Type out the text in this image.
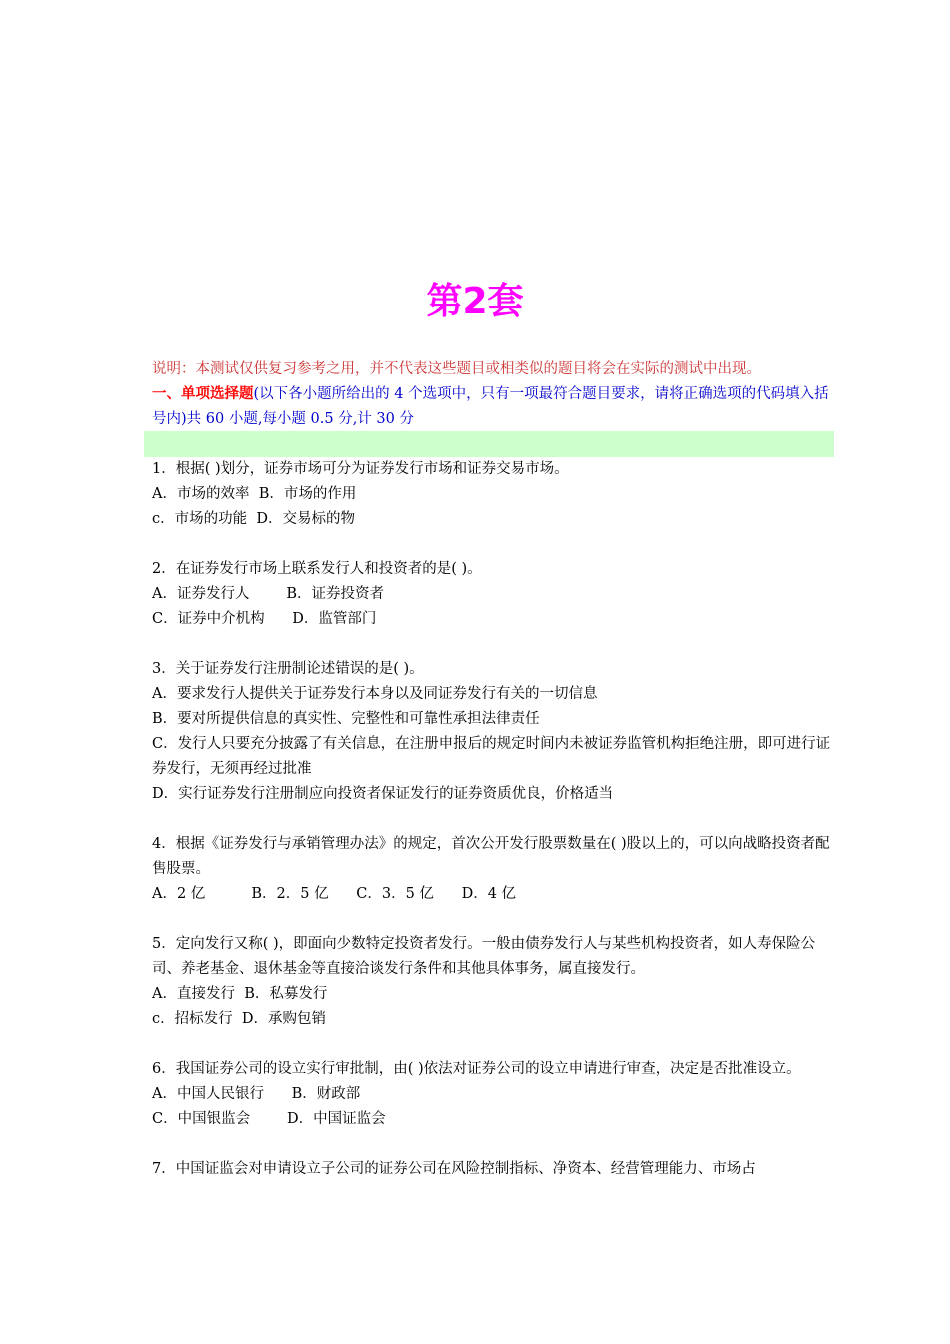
第2套
说明：本测试仅供复习参考之用，并不代表这些题目或相类似的题目将会在实际的测试中出现。
一、单项选择题(以下各小题所给出的 4 个选项中，只有一项最符合题目要求，请将正确选项的代码填入括号内)共 60 小题,每小题 0.5 分,计 30 分
1．根据( )划分，证券市场可分为证券发行市场和证券交易市场。
A．市场的效率  B．市场的作用
c．市场的功能  D．交易标的物
2．在证券发行市场上联系发行人和投资者的是( )。
A．证券发行人        B．证券投资者
C．证券中介机构      D．监管部门
3．关于证券发行注册制论述错误的是( )。
A．要求发行人提供关于证券发行本身以及同证券发行有关的一切信息
B．要对所提供信息的真实性、完整性和可靠性承担法律责任
C．发行人只要充分披露了有关信息，在注册申报后的规定时间内未被证券监管机构拒绝注册，即可进行证券发行，无须再经过批准
D．实行证券发行注册制应向投资者保证发行的证券资质优良，价格适当
4．根据《证券发行与承销管理办法》的规定，首次公开发行股票数量在( )股以上的，可以向战略投资者配售股票。
A．2 亿          B．2．5 亿      C．3．5 亿      D．4 亿
5．定向发行又称( )，即面向少数特定投资者发行。一般由债券发行人与某些机构投资者，如人寿保险公司、养老基金、退休基金等直接洽谈发行条件和其他具体事务，属直接发行。
A．直接发行  B．私募发行
c．招标发行  D．承购包销
6．我国证券公司的设立实行审批制，由( )依法对证券公司的设立申请进行审查，决定是否批准设立。
A．中国人民银行      B．财政部
C．中国银监会        D．中国证监会
7．中国证监会对申请设立子公司的证券公司在风险控制指标、净资本、经营管理能力、市场占
